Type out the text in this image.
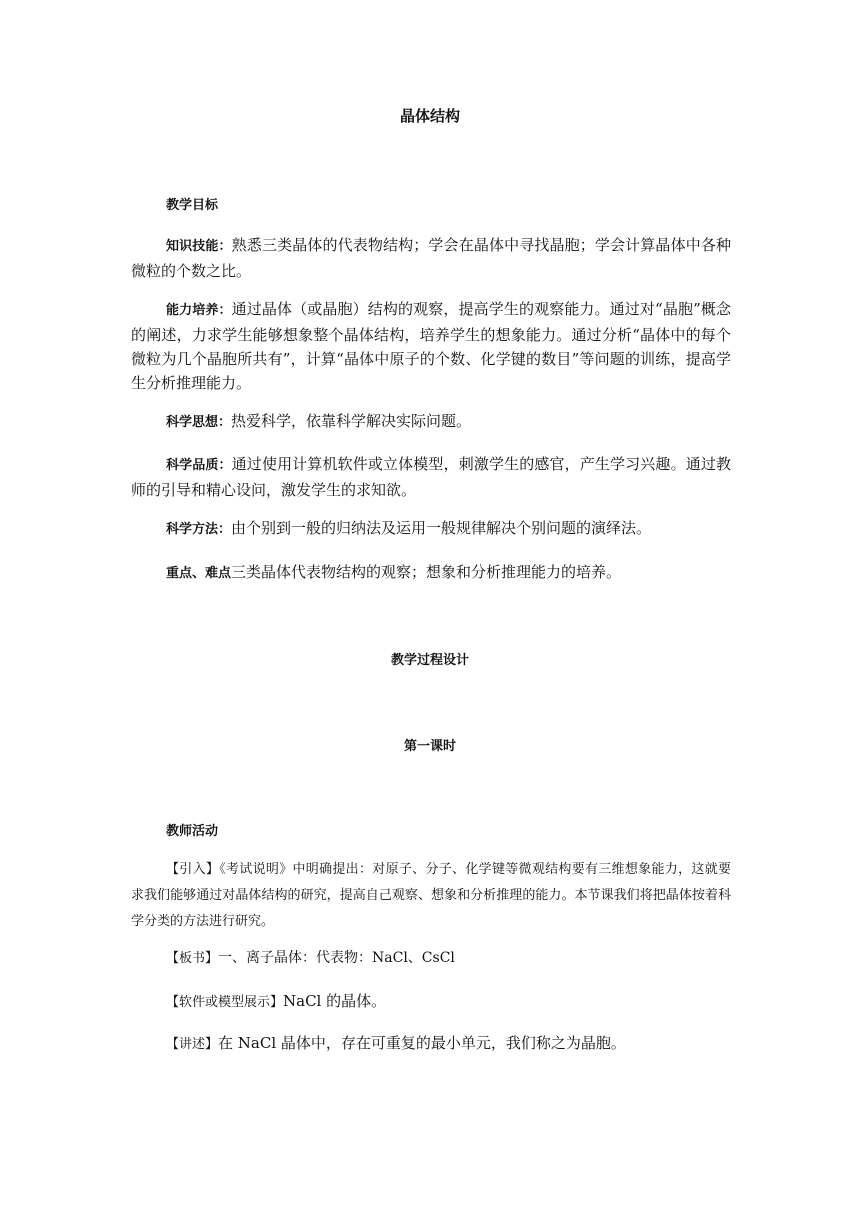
晶体结构
教学目标
知识技能：熟悉三类晶体的代表物结构；学会在晶体中寻找晶胞；学会计算晶体中各种微粒的个数之比。
能力培养：通过晶体（或晶胞）结构的观察，提高学生的观察能力。通过对“晶胞”概念的阐述，力求学生能够想象整个晶体结构，培养学生的想象能力。通过分析“晶体中的每个微粒为几个晶胞所共有”，计算“晶体中原子的个数、化学键的数目”等问题的训练，提高学生分析推理能力。
科学思想：热爱科学，依靠科学解决实际问题。
科学品质：通过使用计算机软件或立体模型，刺激学生的感官，产生学习兴趣。通过教师的引导和精心设问，激发学生的求知欲。
科学方法：由个别到一般的归纳法及运用一般规律解决个别问题的演绎法。
重点、难点三类晶体代表物结构的观察；想象和分析推理能力的培养。
教学过程设计
第一课时
教师活动
【引入】《考试说明》中明确提出：对原子、分子、化学键等微观结构要有三维想象能力，这就要求我们能够通过对晶体结构的研究，提高自己观察、想象和分析推理的能力。本节课我们将把晶体按着科学分类的方法进行研究。
【板书】一、离子晶体：代表物：NaCl、CsCl
【软件或模型展示】NaCl 的晶体。
【讲述】在 NaCl 晶体中，存在可重复的最小单元，我们称之为晶胞。
